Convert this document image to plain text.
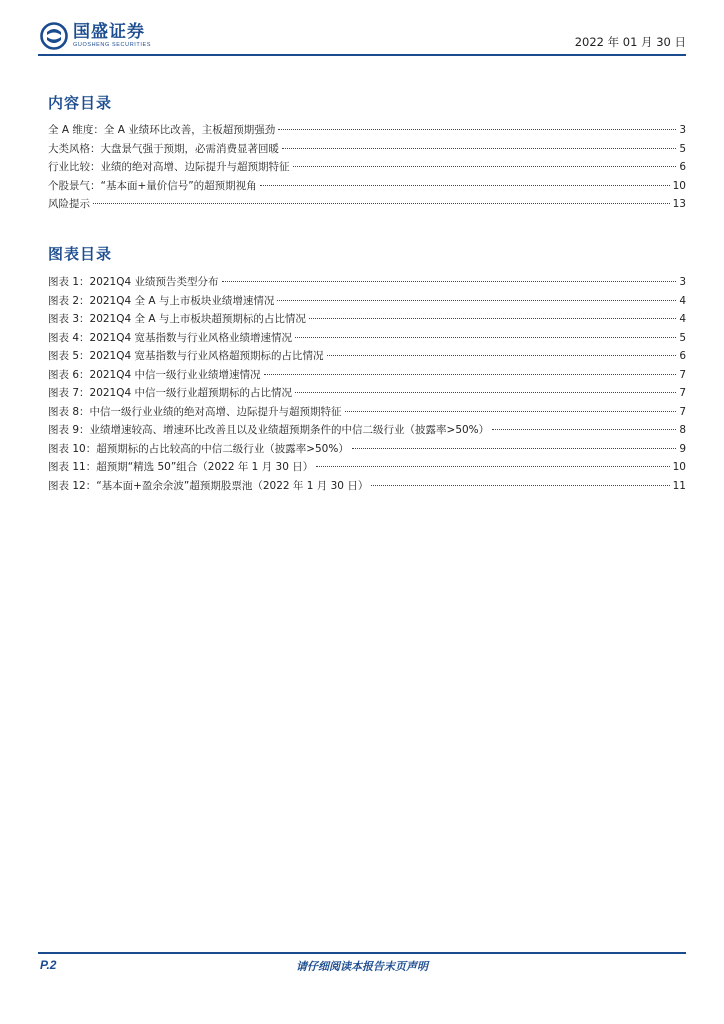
国盛证券
GUOSHENG SECURITIES	2022 年 01 月 30 日
内容目录
全 A 维度：全 A 业绩环比改善，主板超预期强劲	3
大类风格：大盘景气强于预期，必需消费显著回暖	5
行业比较：业绩的绝对高增、边际提升与超预期特征	6
个股景气：“基本面+量价信号”的超预期视角	10
风险提示	13
图表目录
图表 1：2021Q4 业绩预告类型分布	3
图表 2：2021Q4 全 A 与上市板块业绩增速情况	4
图表 3：2021Q4 全 A 与上市板块超预期标的占比情况	4
图表 4：2021Q4 宽基指数与行业风格业绩增速情况	5
图表 5：2021Q4 宽基指数与行业风格超预期标的占比情况	6
图表 6：2021Q4 中信一级行业业绩增速情况	7
图表 7：2021Q4 中信一级行业超预期标的占比情况	7
图表 8：中信一级行业业绩的绝对高增、边际提升与超预期特征	7
图表 9：业绩增速较高、增速环比改善且以及业绩超预期条件的中信二级行业（披露率>50%）	8
图表 10：超预期标的占比较高的中信二级行业（披露率>50%）	9
图表 11：超预期“精选 50”组合（2022 年 1 月 30 日）	10
图表 12：“基本面+盈余余波”超预期股票池（2022 年 1 月 30 日）	11
P.2	请仔细阅读本报告末页声明
